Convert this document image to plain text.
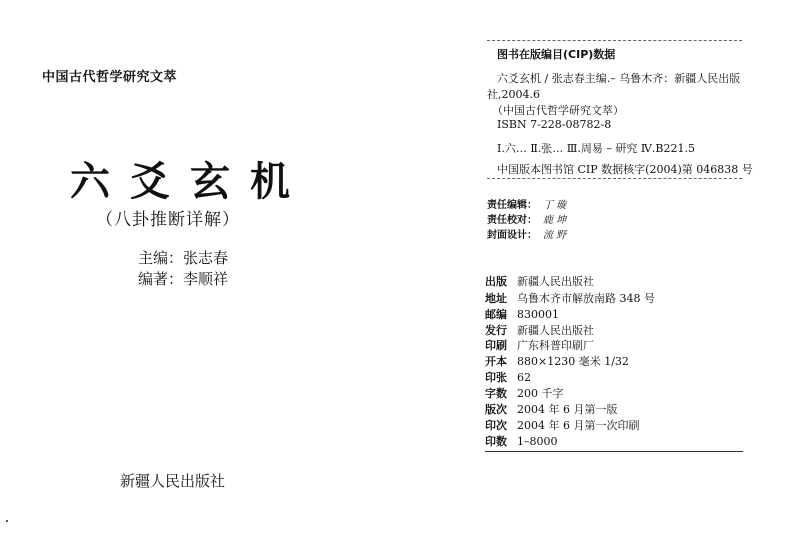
中国古代哲学研究文萃
六爻玄机
（八卦推断详解）
主编：张志春
编著：李顺祥
新疆人民出版社
图书在版编目(CIP)数据
六爻玄机 / 张志春主编.– 乌鲁木齐：新疆人民出版
社,2004.6
（中国古代哲学研究文萃）
ISBN 7-228-08782-8
Ⅰ.六… Ⅱ.张… Ⅲ.周易 – 研究 Ⅳ.B221.5
中国版本图书馆 CIP 数据核字(2004)第 046838 号
责任编辑： 丁 璇
责任校对： 鹿 坤
封面设计： 流 野
出版 新疆人民出版社
地址 乌鲁木齐市解放南路 348 号
邮编 830001
发行 新疆人民出版社
印刷 广东科普印刷厂
开本 880×1230 毫米 1/32
印张 62
字数 200 千字
版次 2004 年 6 月第一版
印次 2004 年 6 月第一次印刷
印数 1–8000
